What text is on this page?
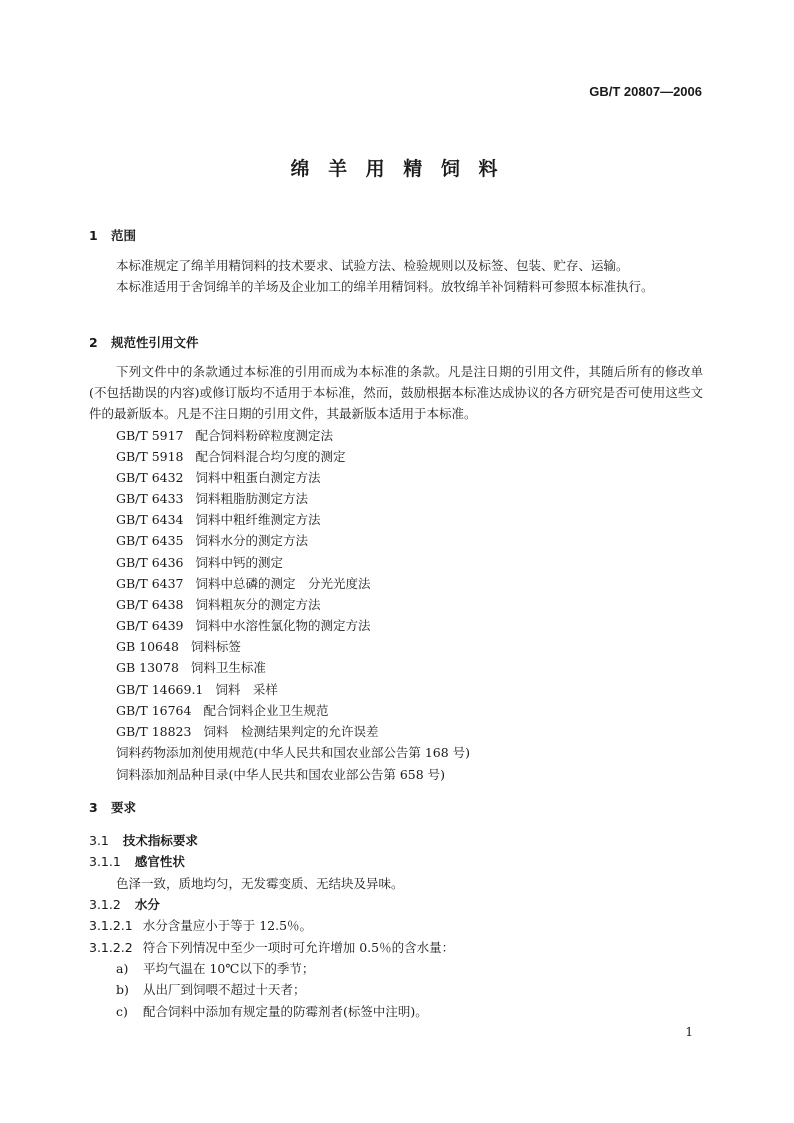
GB/T 20807—2006
绵 羊 用 精 饲 料
1 范围
本标准规定了绵羊用精饲料的技术要求、试验方法、检验规则以及标签、包装、贮存、运输。
本标准适用于舍饲绵羊的羊场及企业加工的绵羊用精饲料。放牧绵羊补饲精料可参照本标准执行。
2 规范性引用文件
下列文件中的条款通过本标准的引用而成为本标准的条款。凡是注日期的引用文件，其随后所有的修改单(不包括勘误的内容)或修订版均不适用于本标准，然而，鼓励根据本标准达成协议的各方研究是否可使用这些文件的最新版本。凡是不注日期的引用文件，其最新版本适用于本标准。
GB/T 5917 配合饲料粉碎粒度测定法
GB/T 5918 配合饲料混合均匀度的测定
GB/T 6432 饲料中粗蛋白测定方法
GB/T 6433 饲料粗脂肪测定方法
GB/T 6434 饲料中粗纤维测定方法
GB/T 6435 饲料水分的测定方法
GB/T 6436 饲料中钙的测定
GB/T 6437 饲料中总磷的测定　分光光度法
GB/T 6438 饲料粗灰分的测定方法
GB/T 6439 饲料中水溶性氯化物的测定方法
GB 10648 饲料标签
GB 13078 饲料卫生标准
GB/T 14669.1 饲料　采样
GB/T 16764 配合饲料企业卫生规范
GB/T 18823 饲料　检测结果判定的允许误差
饲料药物添加剂使用规范(中华人民共和国农业部公告第 168 号)
饲料添加剂品种目录(中华人民共和国农业部公告第 658 号)
3 要求
3.1 技术指标要求
3.1.1 感官性状
色泽一致，质地均匀，无发霉变质、无结块及异味。
3.1.2 水分
3.1.2.1 水分含量应小于等于 12.5％。
3.1.2.2 符合下列情况中至少一项时可允许增加 0.5％的含水量：
a) 平均气温在 10℃以下的季节；
b) 从出厂到饲喂不超过十天者；
c) 配合饲料中添加有规定量的防霉剂者(标签中注明)。
1
